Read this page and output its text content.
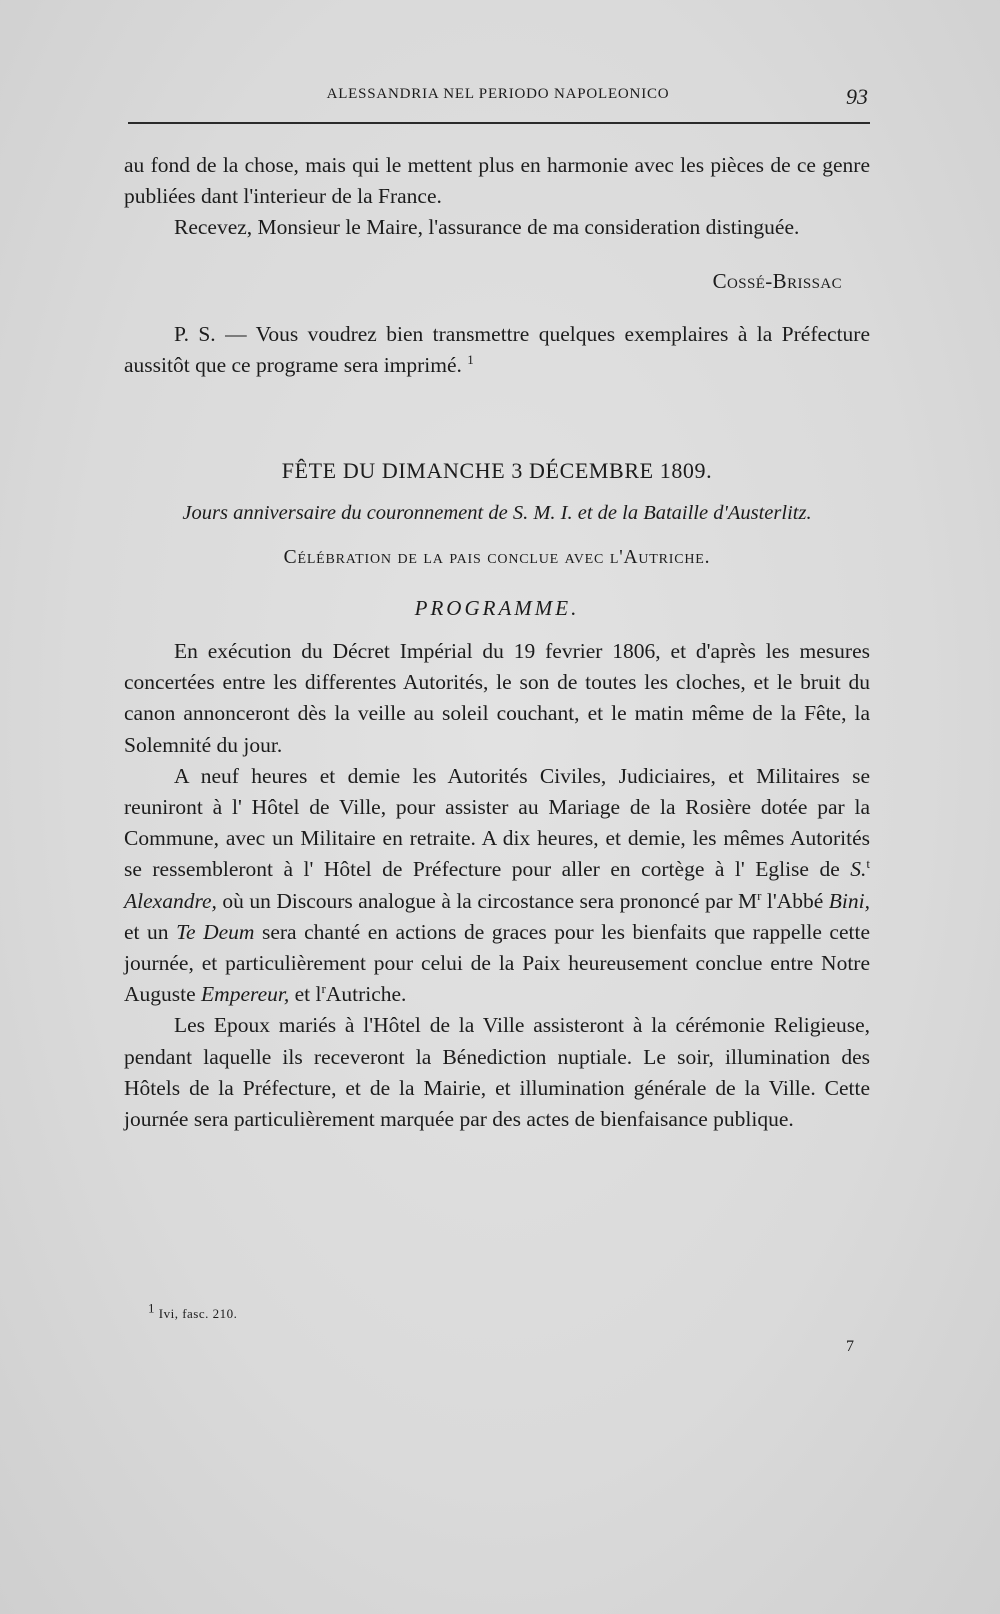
ALESSANDRIA NEL PERIODO NAPOLEONICO	93

au fond de la chose, mais qui le mettent plus en harmonie avec les pièces de ce genre publiées dant l'interieur de la France.

Recevez, Monsieur le Maire, l'assurance de ma consideration distinguée.

Cossé-Brissac

P. S. — Vous voudrez bien transmettre quelques exemplaires à la Préfecture aussitôt que ce programe sera imprimé. $^1$

FÊTE DU DIMANCHE 3 DÉCEMBRE 1809.
Jours anniversaire du couronnement de S. M. I. et de la Bataille d'Austerlitz.
Célébration de la pais conclue avec l'Autriche.
PROGRAMME.

En exécution du Décret Impérial du 19 fevrier 1806, et d'après les mesures concertées entre les differentes Autorités, le son de toutes les cloches, et le bruit du canon annonceront dès la veille au soleil couchant, et le matin même de la Fête, la Solemnité du jour.

A neuf heures et demie les Autorités Civiles, Judiciaires, et Militaires se reuniront à l' Hôtel de Ville, pour assister au Mariage de la Rosière dotée par la Commune, avec un Militaire en retraite. A dix heures, et demie, les mêmes Autorités se ressembleront à l' Hôtel de Préfecture pour aller en cortège à l' Eglise de S.$^t$ Alexandre, où un Discours analogue à la circostance sera prononcé par $M^r$ l'Abbé Bini, et un Te Deum sera chanté en actions de graces pour les bienfaits que rappelle cette journée, et particulièrement pour celui de la Paix heureusement conclue entre Notre Auguste Empereur, et $l^rAutriche$.

Les Epoux mariés à l'Hôtel de la Ville assisteront à la cérémonie Religieuse, pendant laquelle ils receveront la Bénediction nuptiale. Le soir, illumination des Hôtels de la Préfecture, et de la Mairie, et illumination générale de la Ville. Cette journée sera particulièrement marquée par des actes de bienfaisance publique.

1 Ivi, fasc. 210.
7
